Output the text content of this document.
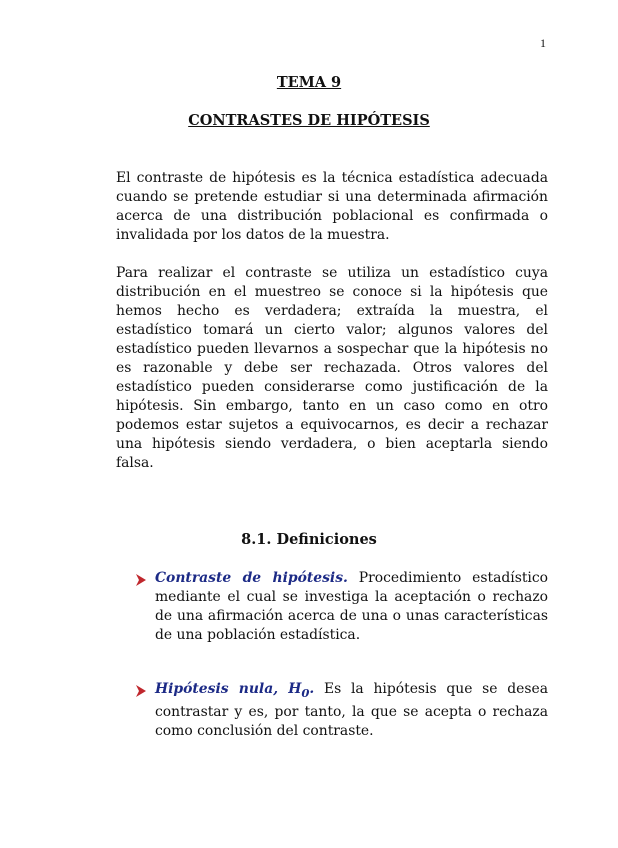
1
TEMA 9
CONTRASTES DE HIPÓTESIS
El contraste de hipótesis es la técnica estadística adecuada cuando se pretende estudiar si una determinada afirmación acerca de una distribución poblacional es confirmada o invalidada por los datos de la muestra.
Para realizar el contraste se utiliza un estadístico cuya distribución en el muestreo se conoce si la hipótesis que hemos hecho es verdadera; extraída la muestra, el estadístico tomará un cierto valor; algunos valores del estadístico pueden llevarnos a sospechar que la hipótesis no es razonable y debe ser rechazada. Otros valores del estadístico pueden considerarse como justificación de la hipótesis. Sin embargo, tanto en un caso como en otro podemos estar sujetos a equivocarnos, es decir a rechazar una hipótesis siendo verdadera, o bien aceptarla siendo falsa.
8.1. Definiciones
Contraste de hipótesis. Procedimiento estadístico mediante el cual se investiga la aceptación o rechazo de una afirmación acerca de una o unas características de una población estadística.
Hipótesis nula, $H_0$. Es la hipótesis que se desea contrastar y es, por tanto, la que se acepta o rechaza como conclusión del contraste.
